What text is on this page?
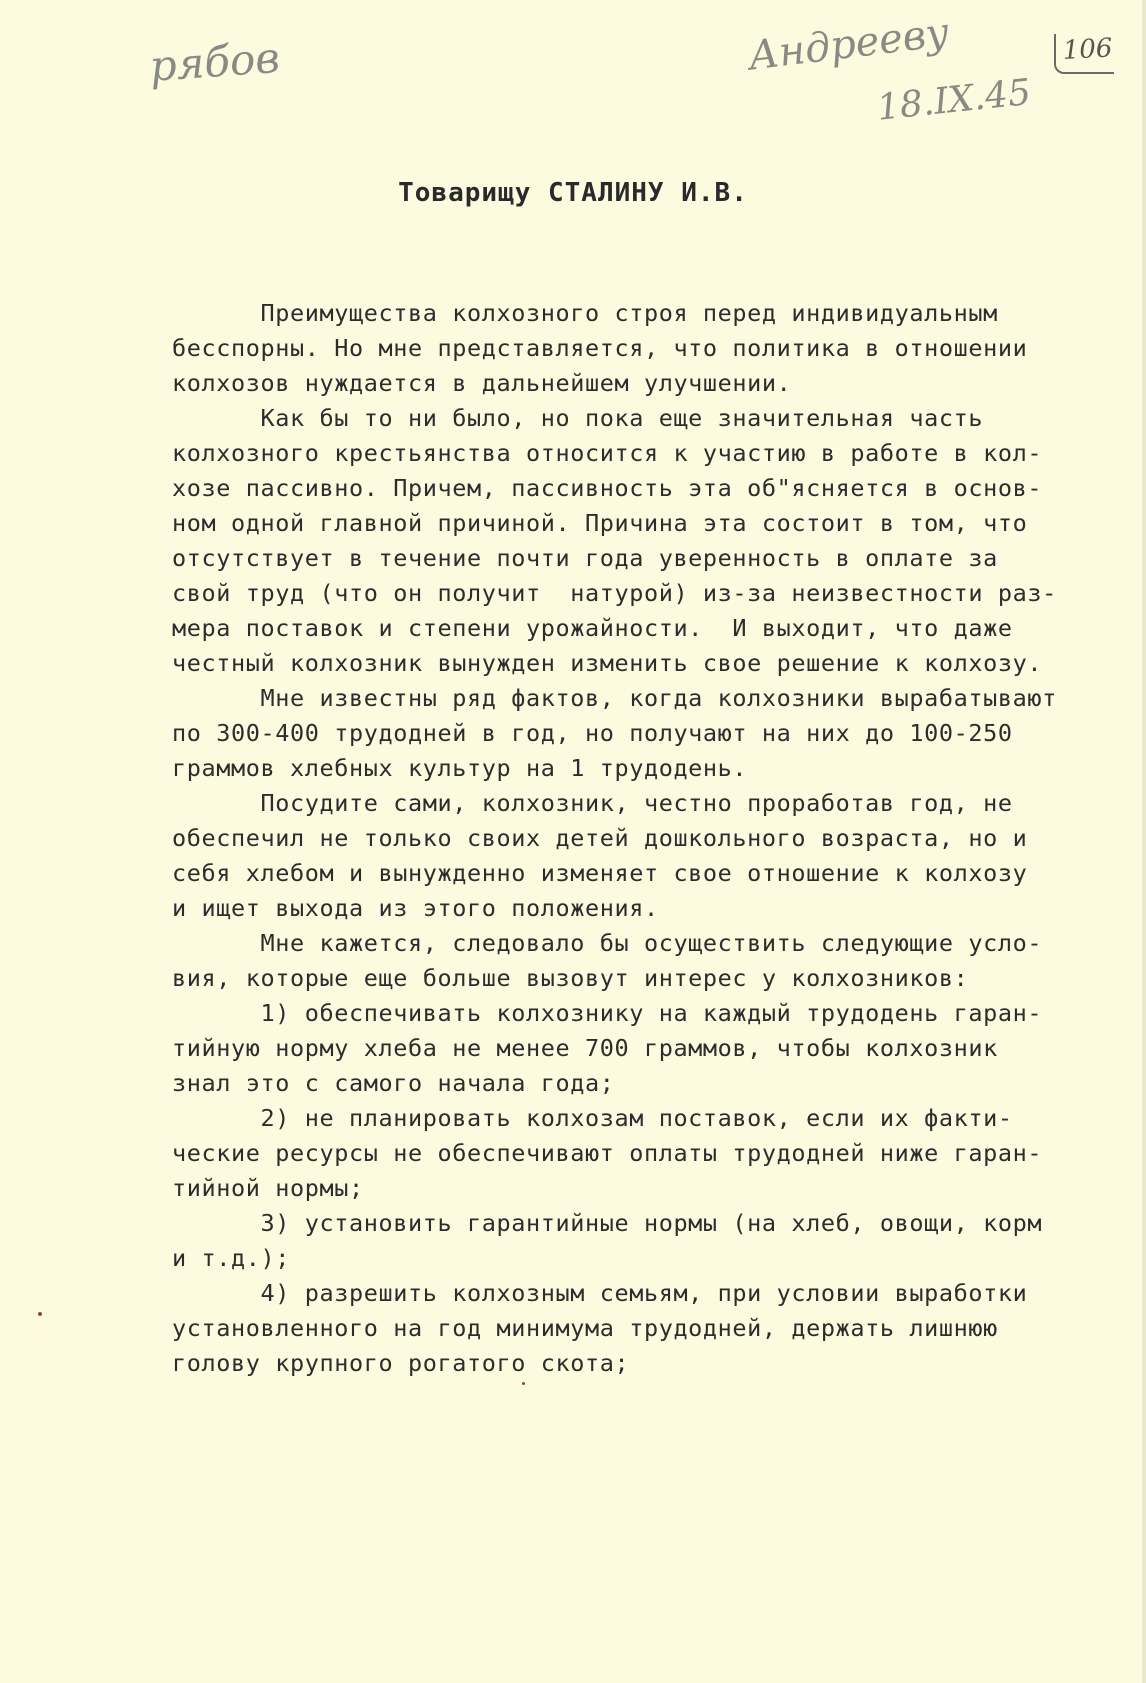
рябов	Андрееву
18.IX.45
106
Товарищу СТАЛИНУ И.В.
Преимущества колхозного строя перед индивидуальным
бесспорны. Но мне представляется, что политика в отношении
колхозов нуждается в дальнейшем улучшении.
Как бы то ни было, но пока еще значительная часть
колхозного крестьянства относится к участию в работе в кол-
хозе пассивно. Причем, пассивность эта об"ясняется в основ-
ном одной главной причиной. Причина эта состоит в том, что
отсутствует в течение почти года уверенность в оплате за
свой труд (что он получит  натурой) из-за неизвестности раз-
мера поставок и степени урожайности.  И выходит, что даже
честный колхозник вынужден изменить свое решение к колхозу.
Мне известны ряд фактов, когда колхозники вырабатывают
по 300-400 трудодней в год, но получают на них до 100-250
граммов хлебных культур на 1 трудодень.
Посудите сами, колхозник, честно проработав год, не
обеспечил не только своих детей дошкольного возраста, но и
себя хлебом и вынужденно изменяет свое отношение к колхозу
и ищет выхода из этого положения.
Мне кажется, следовало бы осуществить следующие усло-
вия, которые еще больше вызовут интерес у колхозников:
1) обеспечивать колхознику на каждый трудодень гаран-
тийную норму хлеба не менее 700 граммов, чтобы колхозник
знал это с самого начала года;
2) не планировать колхозам поставок, если их факти-
ческие ресурсы не обеспечивают оплаты трудодней ниже гаран-
тийной нормы;
3) установить гарантийные нормы (на хлеб, овощи, корм
и т.д.);
4) разрешить колхозным семьям, при условии выработки
установленного на год минимума трудодней, держать лишнюю
голову крупного рогатого скота;
